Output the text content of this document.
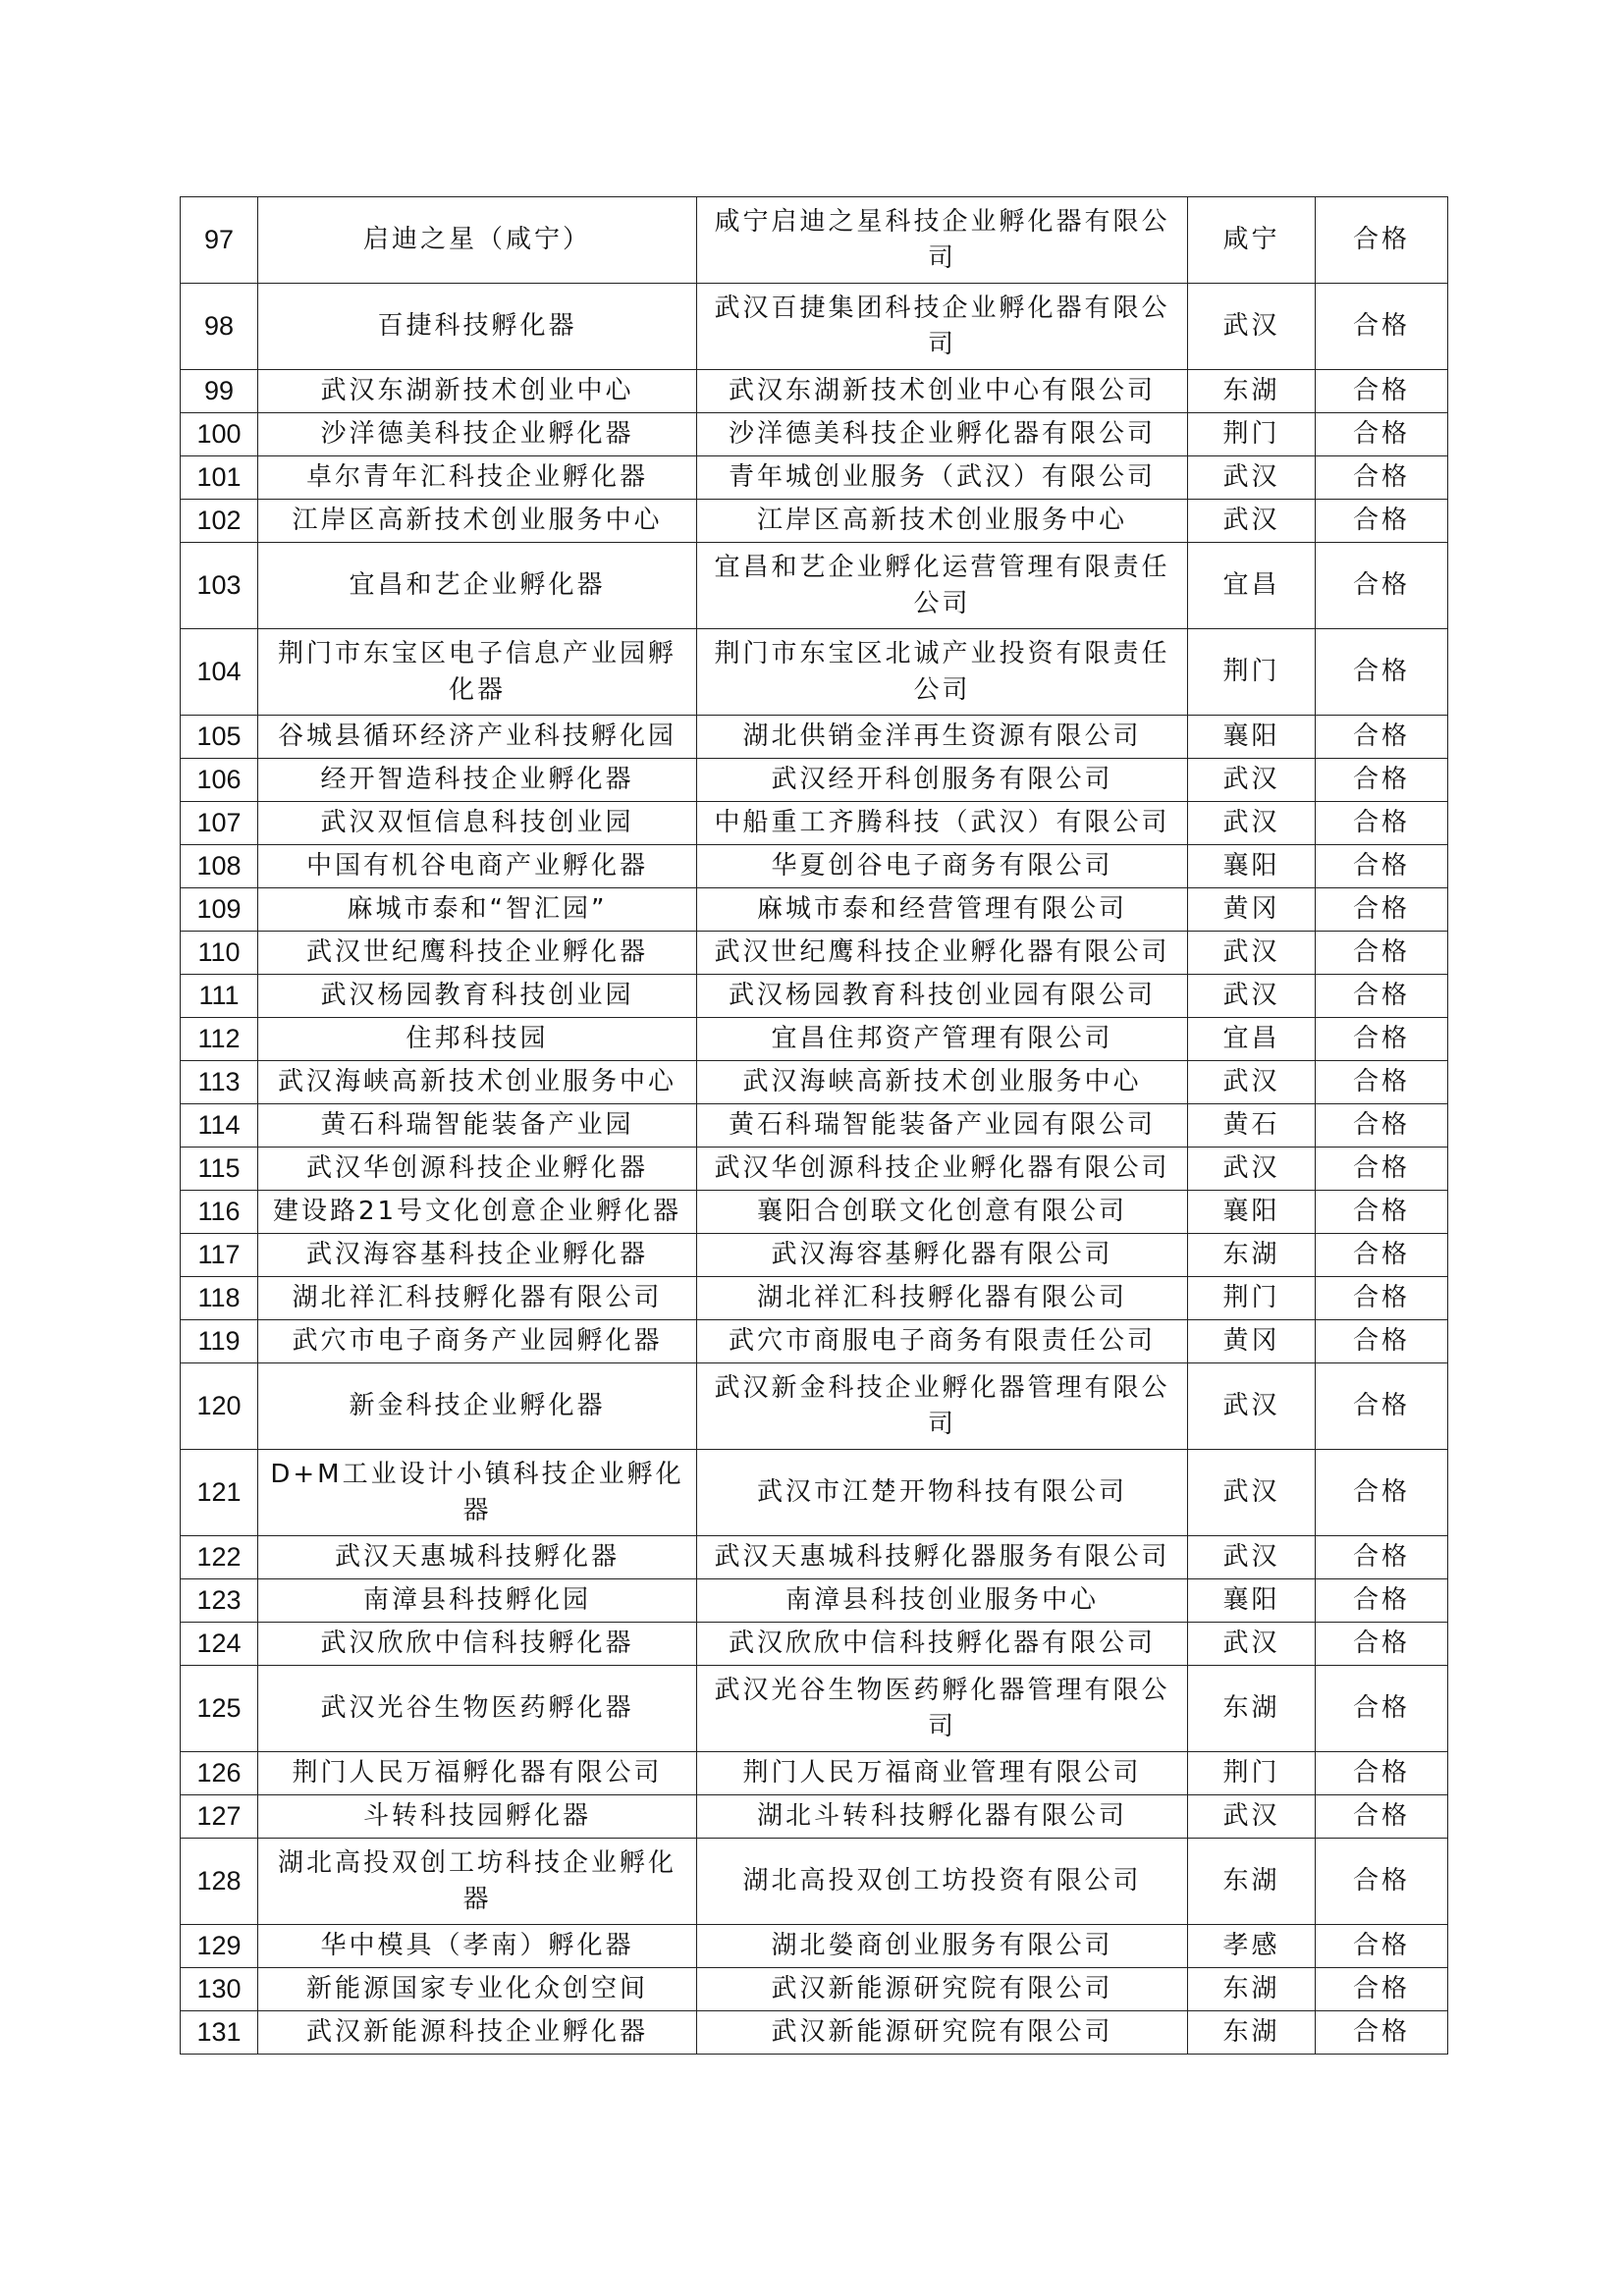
97	启迪之星（咸宁）	咸宁启迪之星科技企业孵化器有限公司	咸宁	合格
98	百捷科技孵化器	武汉百捷集团科技企业孵化器有限公司	武汉	合格
99	武汉东湖新技术创业中心	武汉东湖新技术创业中心有限公司	东湖	合格
100	沙洋德美科技企业孵化器	沙洋德美科技企业孵化器有限公司	荆门	合格
101	卓尔青年汇科技企业孵化器	青年城创业服务（武汉）有限公司	武汉	合格
102	江岸区高新技术创业服务中心	江岸区高新技术创业服务中心	武汉	合格
103	宜昌和艺企业孵化器	宜昌和艺企业孵化运营管理有限责任公司	宜昌	合格
104	荆门市东宝区电子信息产业园孵化器	荆门市东宝区北诚产业投资有限责任公司	荆门	合格
105	谷城县循环经济产业科技孵化园	湖北供销金洋再生资源有限公司	襄阳	合格
106	经开智造科技企业孵化器	武汉经开科创服务有限公司	武汉	合格
107	武汉双恒信息科技创业园	中船重工齐腾科技（武汉）有限公司	武汉	合格
108	中国有机谷电商产业孵化器	华夏创谷电子商务有限公司	襄阳	合格
109	麻城市泰和“智汇园”	麻城市泰和经营管理有限公司	黄冈	合格
110	武汉世纪鹰科技企业孵化器	武汉世纪鹰科技企业孵化器有限公司	武汉	合格
111	武汉杨园教育科技创业园	武汉杨园教育科技创业园有限公司	武汉	合格
112	住邦科技园	宜昌住邦资产管理有限公司	宜昌	合格
113	武汉海峡高新技术创业服务中心	武汉海峡高新技术创业服务中心	武汉	合格
114	黄石科瑞智能装备产业园	黄石科瑞智能装备产业园有限公司	黄石	合格
115	武汉华创源科技企业孵化器	武汉华创源科技企业孵化器有限公司	武汉	合格
116	建设路21号文化创意企业孵化器	襄阳合创联文化创意有限公司	襄阳	合格
117	武汉海容基科技企业孵化器	武汉海容基孵化器有限公司	东湖	合格
118	湖北祥汇科技孵化器有限公司	湖北祥汇科技孵化器有限公司	荆门	合格
119	武穴市电子商务产业园孵化器	武穴市商服电子商务有限责任公司	黄冈	合格
120	新金科技企业孵化器	武汉新金科技企业孵化器管理有限公司	武汉	合格
121	D+M工业设计小镇科技企业孵化器	武汉市江楚开物科技有限公司	武汉	合格
122	武汉天惠城科技孵化器	武汉天惠城科技孵化器服务有限公司	武汉	合格
123	南漳县科技孵化园	南漳县科技创业服务中心	襄阳	合格
124	武汉欣欣中信科技孵化器	武汉欣欣中信科技孵化器有限公司	武汉	合格
125	武汉光谷生物医药孵化器	武汉光谷生物医药孵化器管理有限公司	东湖	合格
126	荆门人民万福孵化器有限公司	荆门人民万福商业管理有限公司	荆门	合格
127	斗转科技园孵化器	湖北斗转科技孵化器有限公司	武汉	合格
128	湖北高投双创工坊科技企业孵化器	湖北高投双创工坊投资有限公司	东湖	合格
129	华中模具（孝南）孵化器	湖北嫈商创业服务有限公司	孝感	合格
130	新能源国家专业化众创空间	武汉新能源研究院有限公司	东湖	合格
131	武汉新能源科技企业孵化器	武汉新能源研究院有限公司	东湖	合格
